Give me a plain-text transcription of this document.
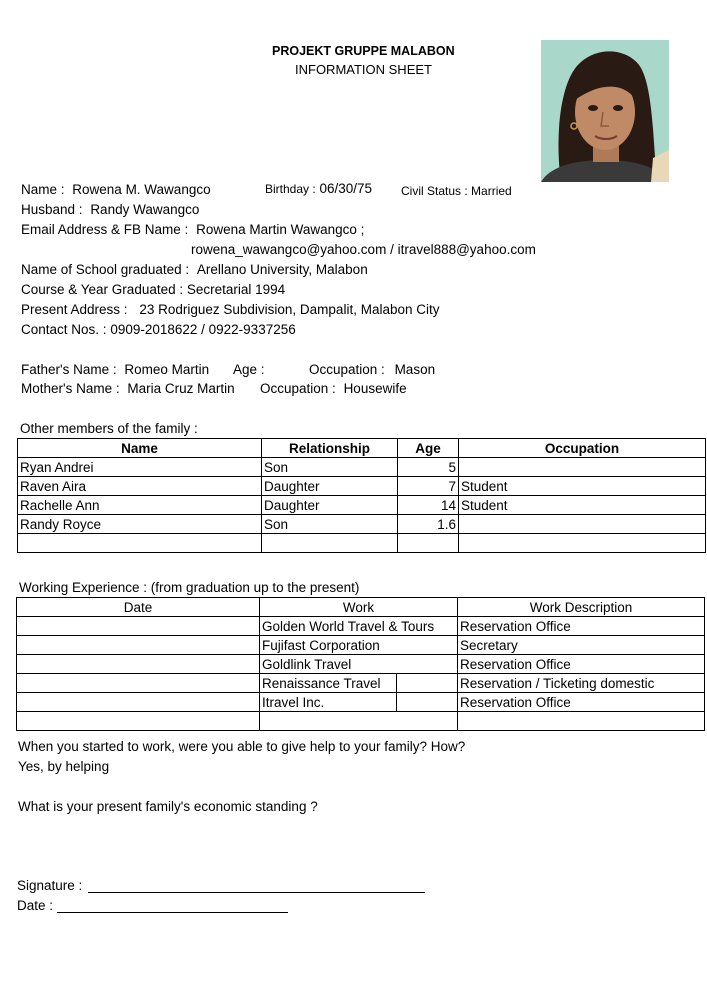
PROJEKT GRUPPE MALABON
INFORMATION SHEET
Name : Rowena M. Wawangco	Birthday : 06/30/75 Civil Status : Married
Husband : Randy Wawangco
Email Address & FB Name : Rowena Martin Wawangco ;
rowena_wawangco@yahoo.com / itravel888@yahoo.com
Name of School graduated : Arellano University, Malabon
Course & Year Graduated : Secretarial 1994
Present Address : 23 Rodriguez Subdivision, Dampalit, Malabon City
Contact Nos. : 0909-2018622 / 0922-9337256
Father's Name : Romeo Martin Age :	Occupation : Mason
Mother's Name : Maria Cruz Martin Occupation : Housewife
Other members of the family :
Name	Relationship	Age	Occupation
Ryan Andrei	Son	5	
Raven Aira	Daughter	7	Student
Rachelle Ann	Daughter	14	Student
Randy Royce	Son	1.6	

Working Experience : (from graduation up to the present)
Date	Work		Work Description
	Golden World Travel & Tours		Reservation Office
	Fujifast Corporation		Secretary
	Goldlink Travel		Reservation Office
	Renaissance Travel		Reservation / Ticketing domestic
	Itravel Inc.		Reservation Office

When you started to work, were you able to give help to your family? How?
Yes, by helping
What is your present family's economic standing ?
Signature :
Date :
